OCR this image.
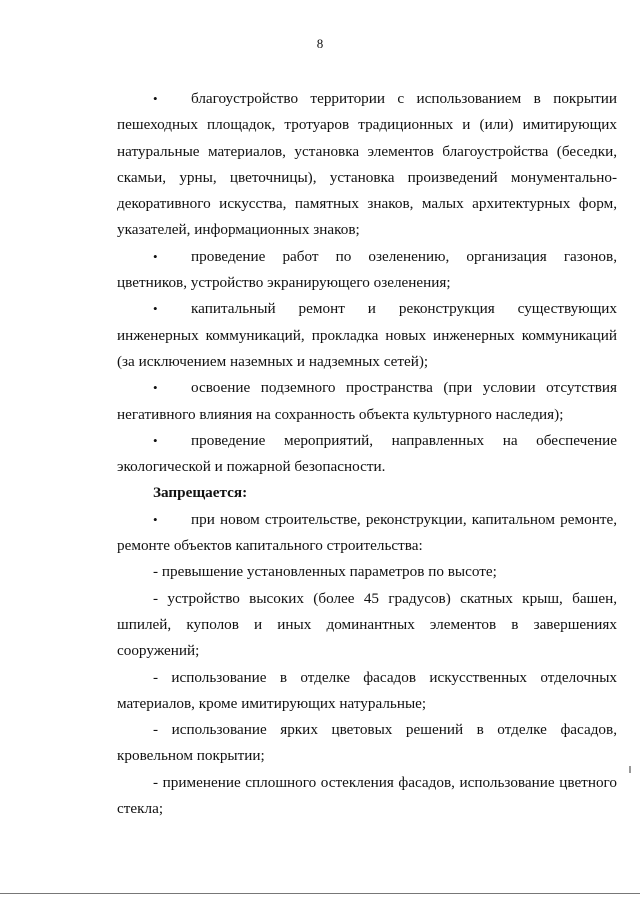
8
• благоустройство территории с использованием в покрытии
пешеходных площадок, тротуаров традиционных и (или) имитирующих
натуральные материалов, установка элементов благоустройства (беседки,
скамьи, урны, цветочницы), установка произведений монументально-
декоративного искусства, памятных знаков, малых архитектурных форм,
указателей, информационных знаков;
• проведение работ по озеленению, организация газонов,
цветников, устройство экранирующего озеленения;
• капитальный ремонт и реконструкция существующих
инженерных коммуникаций, прокладка новых инженерных коммуникаций
(за исключением наземных и надземных сетей);
• освоение подземного пространства (при условии отсутствия
негативного влияния на сохранность объекта культурного наследия);
• проведение мероприятий, направленных на обеспечение
экологической и пожарной безопасности.
Запрещается:
• при новом строительстве, реконструкции, капитальном ремонте,
ремонте объектов капитального строительства:
- превышение установленных параметров по высоте;
- устройство высоких (более 45 градусов) скатных крыш, башен,
шпилей, куполов и иных доминантных элементов в завершениях
сооружений;
- использование в отделке фасадов искусственных отделочных
материалов, кроме имитирующих натуральные;
- использование ярких цветовых решений в отделке фасадов,
кровельном покрытии;
- применение сплошного остекления фасадов, использование цветного
стекла;
